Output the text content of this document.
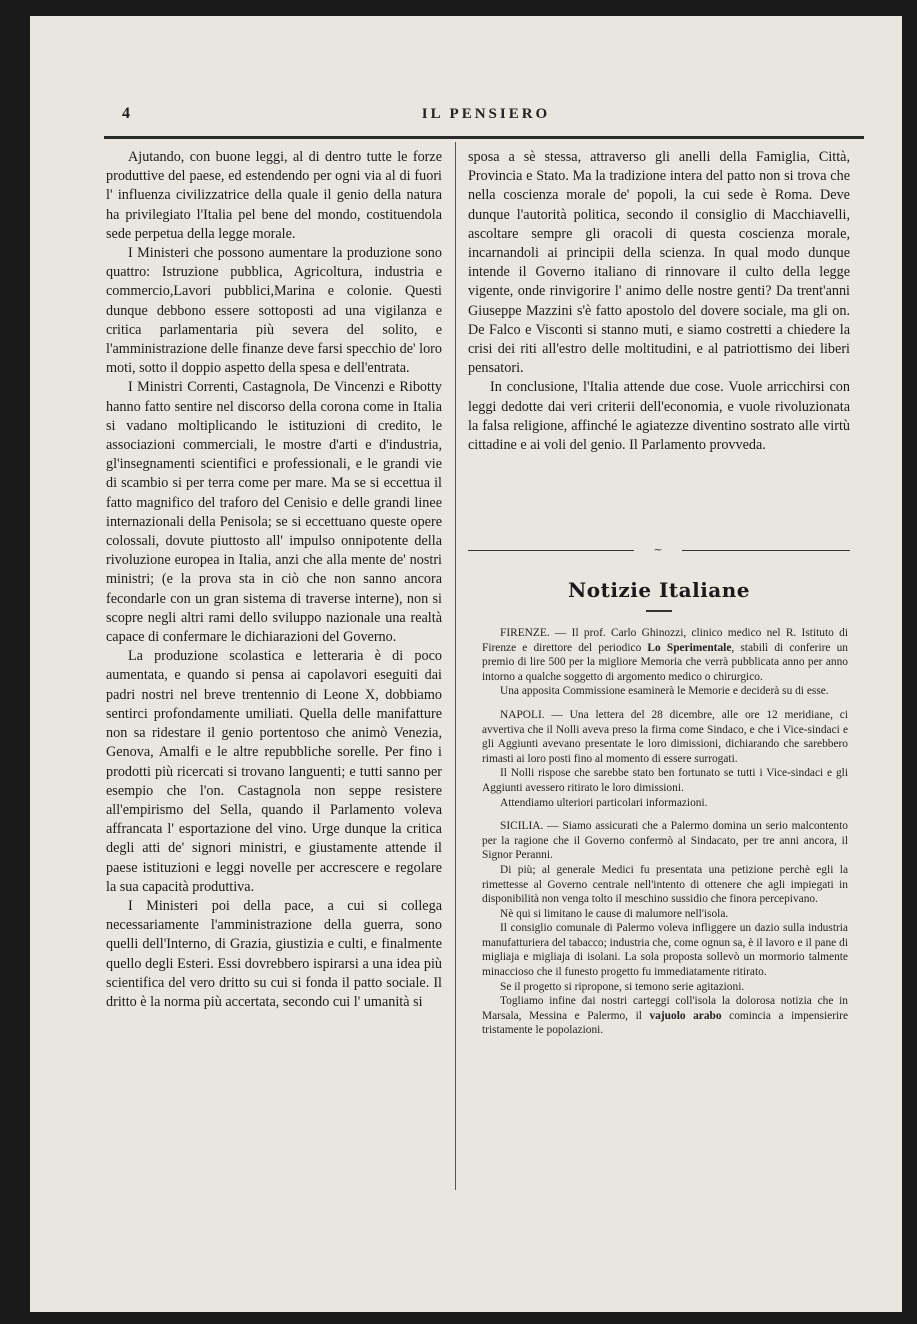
4	IL PENSIERO

Ajutando, con buone leggi, al di dentro tutte le forze produttive del paese, ed estendendo per ogni via al di fuori l' influenza civilizzatrice della quale il genio della natura ha privilegiato l'Italia pel bene del mondo, costituendola sede perpetua della legge morale.

I Ministeri che possono aumentare la produzione sono quattro: Istruzione pubblica, Agricoltura, industria e commercio,Lavori pubblici,Marina e colonie. Questi dunque debbono essere sottoposti ad una vigilanza e critica parlamentaria più severa del solito, e l'amministrazione delle finanze deve farsi specchio de' loro moti, sotto il doppio aspetto della spesa e dell'entrata.

I Ministri Correnti, Castagnola, De Vincenzi e Ribotty hanno fatto sentire nel discorso della corona come in Italia si vadano moltiplicando le istituzioni di credito, le associazioni commerciali, le mostre d'arti e d'industria, gl'insegnamenti scientifici e professionali, e le grandi vie di scambio si per terra come per mare. Ma se si eccettua il fatto magnifico del traforo del Cenisio e delle grandi linee internazionali della Penisola; se si eccettuano queste opere colossali, dovute piuttosto all' impulso onnipotente della rivoluzione europea in Italia, anzi che alla mente de' nostri ministri; (e la prova sta in ciò che non sanno ancora fecondarle con un gran sistema di traverse interne), non si scopre negli altri rami dello sviluppo nazionale una realtà capace di confermare le dichiarazioni del Governo.

La produzione scolastica e letteraria è di poco aumentata, e quando si pensa ai capolavori eseguiti dai padri nostri nel breve trentennio di Leone X, dobbiamo sentirci profondamente umiliati. Quella delle manifatture non sa ridestare il genio portentoso che animò Venezia, Genova, Amalfi e le altre repubbliche sorelle. Per fino i prodotti più ricercati si trovano languenti; e tutti sanno per esempio che l'on. Castagnola non seppe resistere all'empirismo del Sella, quando il Parlamento voleva affrancata l' esportazione del vino. Urge dunque la critica degli atti de' signori ministri, e giustamente attende il paese istituzioni e leggi novelle per accrescere e regolare la sua capacità produttiva.

I Ministeri poi della pace, a cui si collega necessariamente l'amministrazione della guerra, sono quelli dell'Interno, di Grazia, giustizia e culti, e finalmente quello degli Esteri. Essi dovrebbero ispirarsi a una idea più scientifica del vero dritto su cui si fonda il patto sociale. Il dritto è la norma più accertata, secondo cui l' umanità si

sposa a sè stessa, attraverso gli anelli della Famiglia, Città, Provincia e Stato. Ma la tradizione intera del patto non si trova che nella coscienza morale de' popoli, la cui sede è Roma. Deve dunque l'autorità politica, secondo il consiglio di Macchiavelli, ascoltare sempre gli oracoli di questa coscienza morale, incarnandoli ai principii della scienza. In qual modo dunque intende il Governo italiano di rinnovare il culto della legge vigente, onde rinvigorire l' animo delle nostre genti? Da trent'anni Giuseppe Mazzini s'è fatto apostolo del dovere sociale, ma gli on. De Falco e Visconti si stanno muti, e siamo costretti a chiedere la crisi dei riti all'estro delle moltitudini, e al patriottismo dei liberi pensatori.

In conclusione, l'Italia attende due cose. Vuole arricchirsi con leggi dedotte dai veri criterii dell'economia, e vuole rivoluzionata la falsa religione, affinché le agiatezze diventino sostrato alle virtù cittadine e ai voli del genio. Il Parlamento provveda.

~
Notizie Italiane

FIRENZE. — Il prof. Carlo Ghinozzi, clinico medico nel R. Istituto di Firenze e direttore del periodico Lo Sperimentale, stabilì di conferire un premio di lire 500 per la migliore Memoria che verrà pubblicata anno per anno intorno a qualche soggetto di argomento medico o chirurgico.

Una apposita Commissione esaminerà le Memorie e deciderà su di esse.

NAPOLI. — Una lettera del 28 dicembre, alle ore 12 meridiane, ci avvertiva che il Nolli aveva preso la firma come Sindaco, e che i Vice-sindaci e gli Aggiunti avevano presentate le loro dimissioni, dichiarando che sarebbero rimasti ai loro posti fino al momento di essere surrogati.

Il Nolli rispose che sarebbe stato ben fortunato se tutti i Vice-sindaci e gli Aggiunti avessero ritirato le loro dimissioni.

Attendiamo ulteriori particolari informazioni.

SICILIA. — Siamo assicurati che a Palermo domina un serio malcontento per la ragione che il Governo confermò al Sindacato, per tre anni ancora, il Signor Peranni.

Di più; al generale Medici fu presentata una petizione perchè egli la rimettesse al Governo centrale nell'intento di ottenere che agli impiegati in disponibilità non venga tolto il meschino sussidio che finora percepivano.

Nè qui si limitano le cause di malumore nell'isola.

Il consiglio comunale di Palermo voleva infliggere un dazio sulla industria manufatturiera del tabacco; industria che, come ognun sa, è il lavoro e il pane di migliaja e migliaja di isolani. La sola proposta sollevò un mormorio talmente minaccioso che il funesto progetto fu immediatamente ritirato.

Se il progetto si ripropone, si temono serie agitazioni.

Togliamo infine dai nostri carteggi coll'isola la dolorosa notizia che in Marsala, Messina e Palermo, il vajuolo arabo comincia a impensierire tristamente le popolazioni.
